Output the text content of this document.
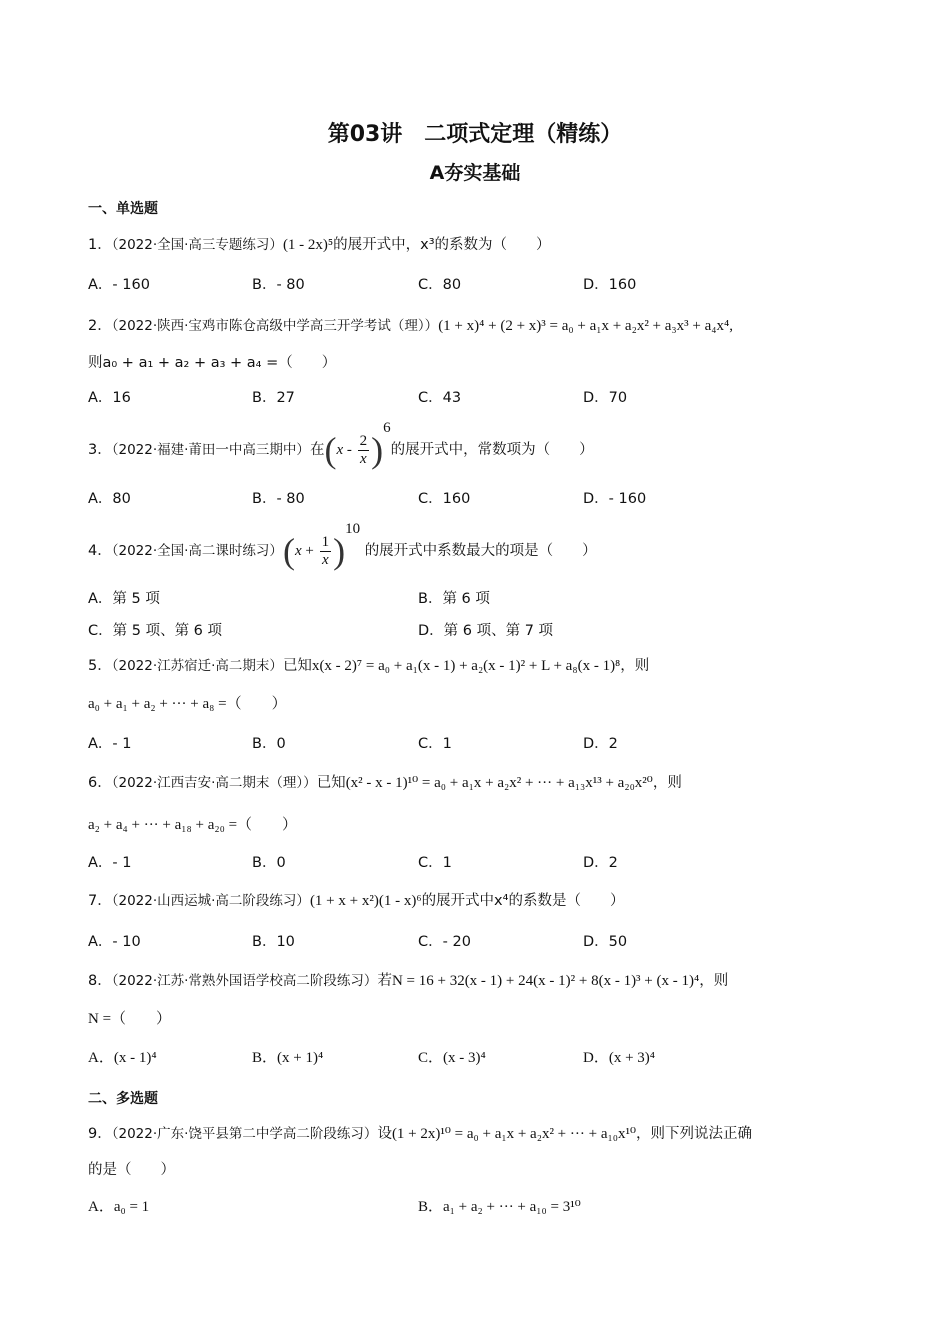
第03讲　二项式定理（精练）
A夯实基础
一、单选题
1．（2022·全国·高三专题练习）(1 - 2x)⁵的展开式中，x³的系数为（　　）
A．- 160	B．- 80	C．80	D．160
2．（2022·陕西·宝鸡市陈仓高级中学高三开学考试（理））(1 + x)⁴ + (2 + x)³ = a₀ + a₁x + a₂x² + a₃x³ + a₄x⁴,
则a₀ + a₁ + a₂ + a₃ + a₄ =（　　）
A．16	B．27	C．43	D．70
3．（2022·福建·莆田一中高三期中）在$(x - \frac{2}{x} )^6$的展开式中，常数项为（　　）
A．80	B．- 80	C．160	D．- 160
4．（2022·全国·高二课时练习）$(x + \frac{1}{x} )^{10}$ 的展开式中系数最大的项是（　　）
A．第 5 项	B．第 6 项
C．第 5 项、第 6 项	D．第 6 项、第 7 项
5．（2022·江苏宿迁·高二期末）已知x(x - 2)⁷ = a₀ + a₁(x - 1) + a₂(x - 1)² + L + a₈(x - 1)⁸，则
a₀ + a₁ + a₂ + ··· + a₈ =（　　）
A．- 1	B．0	C．1	D．2
6．（2022·江西吉安·高二期末（理））已知(x² - x - 1)¹⁰ = a₀ + a₁x + a₂x² + ··· + a₁₃x¹³ + a₂₀x²⁰，则
a₂ + a₄ + ··· + a₁₈ + a₂₀ =（　　）
A．- 1	B．0	C．1	D．2
7．（2022·山西运城·高二阶段练习）(1 + x + x²)(1 - x)⁶的展开式中x⁴的系数是（　　）
A．- 10	B．10	C．- 20	D．50
8．（2022·江苏·常熟外国语学校高二阶段练习）若N = 16 + 32(x - 1) + 24(x - 1)² + 8(x - 1)³ + (x - 1)⁴，则
N =（　　）
A．(x - 1)⁴	B．(x + 1)⁴	C．(x - 3)⁴	D．(x + 3)⁴
二、多选题
9．（2022·广东·饶平县第二中学高二阶段练习）设(1 + 2x)¹⁰ = a₀ + a₁x + a₂x² + ··· + a₁₀x¹⁰，则下列说法正确
的是（　　）
A．a₀ = 1	B．a₁ + a₂ + ··· + a₁₀ = 3¹⁰
